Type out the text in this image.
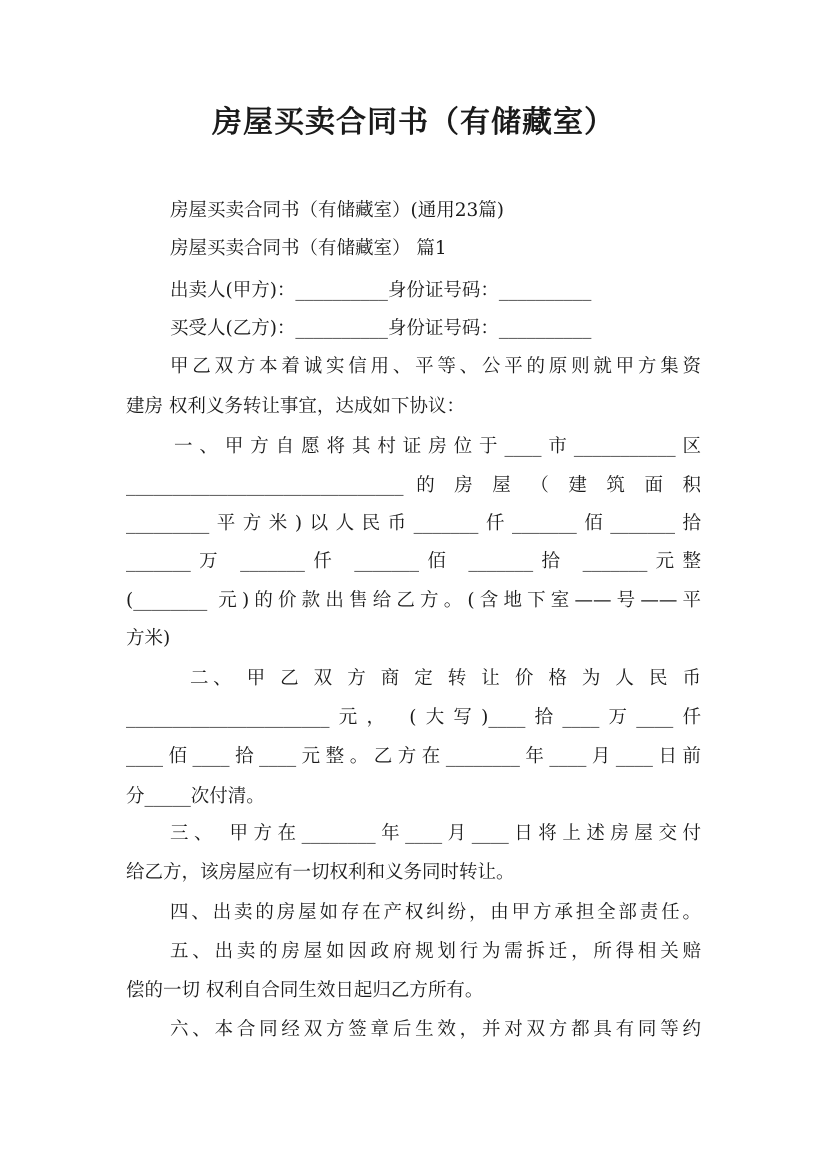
房屋买卖合同书（有储藏室）
房屋买卖合同书（有储藏室）(通用23篇)
房屋买卖合同书（有储藏室） 篇1
出卖人(甲方)：__________身份证号码：__________
买受人(乙方)：__________身份证号码：__________
甲乙双方本着诚实信用、平等、公平的原则就甲方集资
建房 权利义务转让事宜，达成如下协议：
一、甲方自愿将其村证房位于____市___________区
______________________________ 的 房 屋 （ 建 筑 面 积
_________平方米)以人民币_______仟_______佰_______拾
_______万 _______仟 _______佰 _______拾 _______元整
(________ 元)的价款出售给乙方。(含地下室——号——平
方米)
二、 甲 乙 双 方 商 定 转 让 价 格 为 人 民 币
______________________元， (大写)____拾____万____仟
____佰____拾____元整。乙方在________年____月____日前
分_____次付清。
三、 甲方在________年____月____日将上述房屋交付
给乙方，该房屋应有一切权利和义务同时转让。
四、出卖的房屋如存在产权纠纷，由甲方承担全部责任。
五、出卖的房屋如因政府规划行为需拆迁，所得相关赔
偿的一切 权利自合同生效日起归乙方所有。
六、本合同经双方签章后生效，并对双方都具有同等约
